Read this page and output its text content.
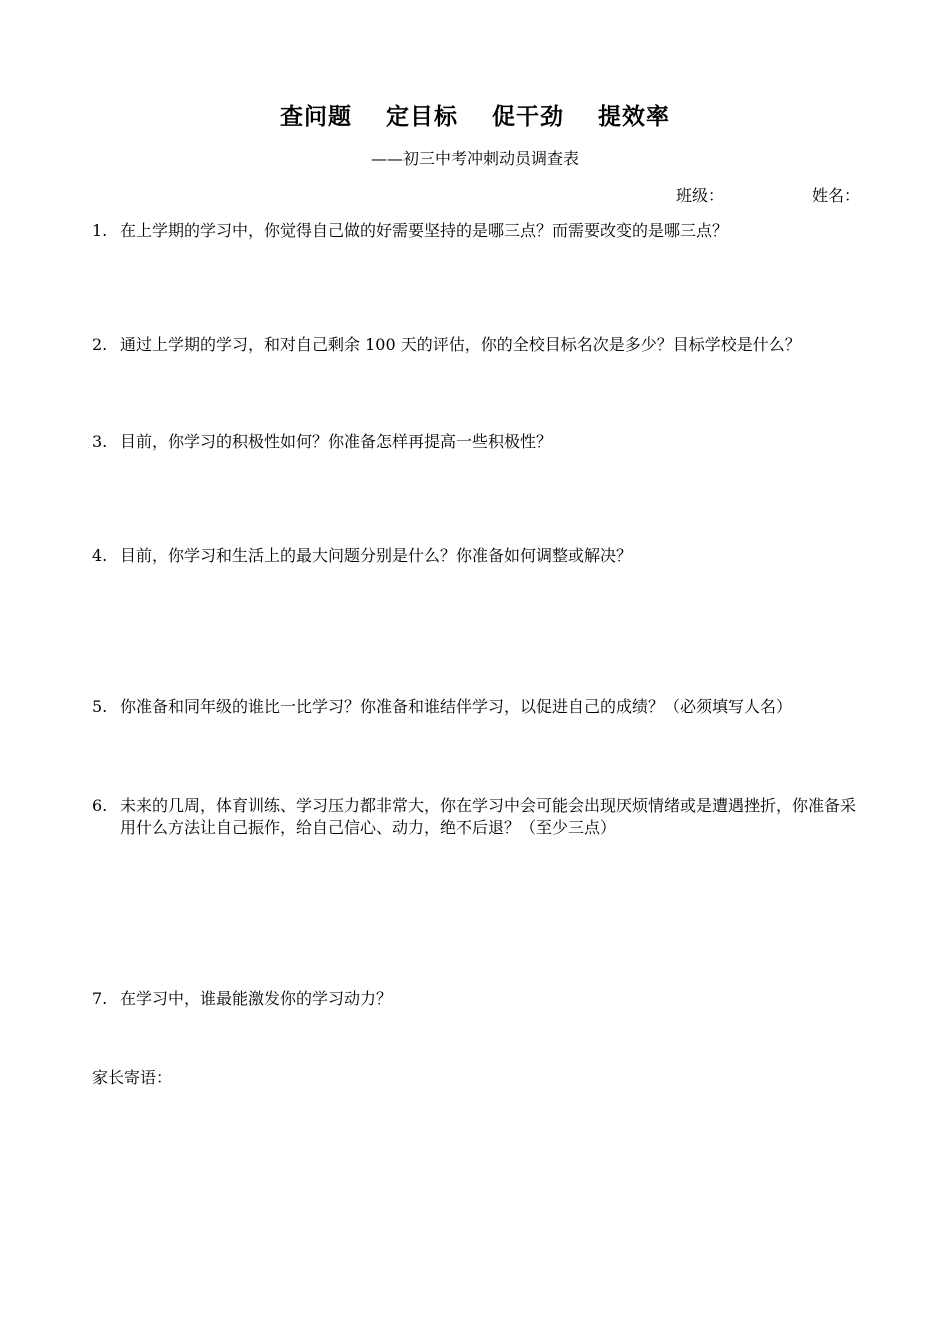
查问题 定目标 促干劲 提效率
——初三中考冲刺动员调查表
班级：	姓名：
1. 在上学期的学习中，你觉得自己做的好需要坚持的是哪三点？而需要改变的是哪三点？
2. 通过上学期的学习，和对自己剩余 100 天的评估，你的全校目标名次是多少？目标学校是什么？
3. 目前，你学习的积极性如何？你准备怎样再提高一些积极性？
4. 目前，你学习和生活上的最大问题分别是什么？你准备如何调整或解决？
5. 你准备和同年级的谁比一比学习？你准备和谁结伴学习，以促进自己的成绩？（必须填写人名）
6. 未来的几周，体育训练、学习压力都非常大，你在学习中会可能会出现厌烦情绪或是遭遇挫折，你准备采用什么方法让自己振作，给自己信心、动力，绝不后退？（至少三点）
7. 在学习中，谁最能激发你的学习动力？
家长寄语：
